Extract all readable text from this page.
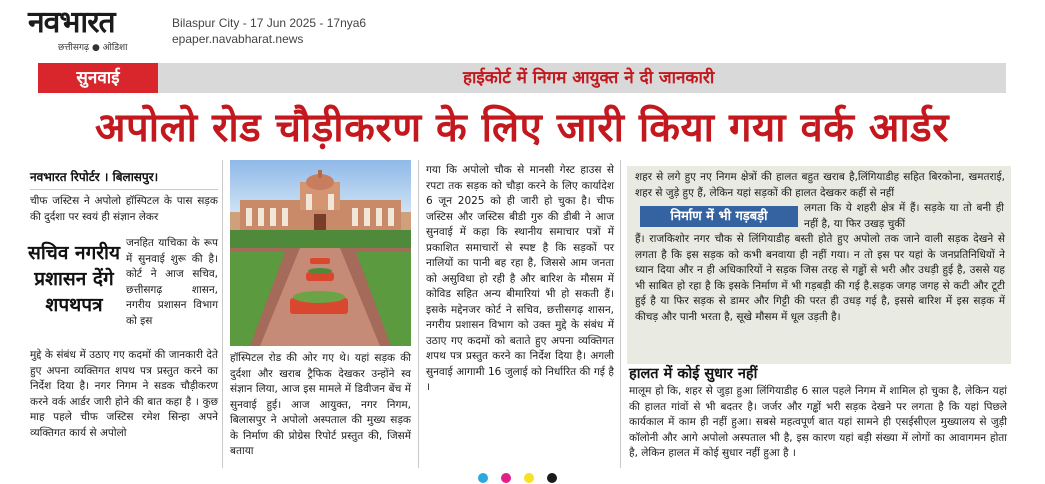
नवभारत
छत्तीसगढ़ ● ओडिशा
Bilaspur City - 17 Jun 2025 - 17nya6
epaper.navabharat.news
सुनवाई	हाईकोर्ट में निगम आयुक्त ने दी जानकारी
अपोलो रोड चौड़ीकरण के लिए जारी किया गया वर्क आर्डर
नवभारत रिपोर्टर । बिलासपुर।
चीफ जस्टिस ने अपोलो हॉस्पिटल के पास सड़क की दुर्दशा पर स्वयं ही संज्ञान लेकर
सचिव नगरीय प्रशासन देंगे शपथपत्र
जनहित याचिका के रूप में सुनवाई शुरू की है। कोर्ट ने आज सचिव, छत्तीसगढ़ शासन, नगरीय प्रशासन विभाग को इस
मुद्दे के संबंध में उठाए गए कदमों की जानकारी देते हुए अपना व्यक्तिगत शपथ पत्र प्रस्तुत करने का निर्देश दिया है। नगर निगम ने सडक चौड़ीकरण करने वर्क आर्डर जारी होने की बात कहा है । कुछ माह पहले चीफ जस्टिस रमेश सिन्हा अपने व्यक्तिगत कार्य से अपोलो
हॉस्पिटल रोड की ओर गए थे। यहां सड़क की दुर्दशा और खराब ट्रैफिक देखकर उन्होंने स्व संज्ञान लिया, आज इस मामले में डिवीजन बेंच में सुनवाई हुई। आज आयुक्त, नगर निगम, बिलासपुर ने अपोलो अस्पताल की मुख्य सड़क के निर्माण की प्रोग्रेस रिपोर्ट प्रस्तुत की, जिसमें बताया
गया कि अपोलो चौक से मानसी गेस्ट हाउस से रपटा तक सड़क को चौड़ा करने के लिए कार्यादेश 6 जून 2025 को ही जारी हो चुका है। चीफ जस्टिस और जस्टिस बीडी गुरु की डीबी ने आज सुनवाई में कहा कि स्थानीय समाचार पत्रों में प्रकाशित समाचारों से स्पष्ट है कि सड़कों पर नालियों का पानी बह रहा है, जिससे आम जनता को असुविधा हो रही है और बारिश के मौसम में कोविड सहित अन्य बीमारियां भी हो सकती हैं। इसके मद्देनजर कोर्ट ने सचिव, छत्तीसगढ़ शासन, नगरीय प्रशासन विभाग को उक्त मुद्दे के संबंध में उठाए गए कदमों को बताते हुए अपना व्यक्तिगत शपथ पत्र प्रस्तुत करने का निर्देश दिया है। अगली सुनवाई आगामी 16 जुलाई को निर्धारित की गई है ।
शहर से लगे हुए नए निगम क्षेत्रों की हालत बहुत खराब है,लिंगियाडीह सहित बिरकोना, खमतराई, शहर से जुड़े हुए हैं, लेकिन यहां सड़कों की हालत देखकर कहीं से नहीं
निर्माण में भी गड़बड़ी
लगता कि ये शहरी क्षेत्र में हैं। सड़के या तो बनी ही नहीं है, या फिर उखड़ चुकीं
हैं। राजकिशोर नगर चौक से लिंगियाडीह बस्ती होते हुए अपोलो तक जाने वाली सड़क देखने से लगता है कि इस सड़क को कभी बनवाया ही नहीं गया। न तो इस पर यहां के जनप्रतिनिधियों ने ध्यान दिया और न ही अधिकारियों ने सड़क जिस तरह से गड्ढों से भरी और उधड़ी हुई है, उससे यह भी साबित हो रहा है कि इसके निर्माण में भी गड़बड़ी की गई है.सड़क जगह जगह से कटी और टूटी हुई है या फिर सड़क से डामर और गिट्टी की परत ही उधड़ गई है, इससे बारिश में इस सड़क में कीचड़ और पानी भरता है, सूखे मौसम में धूल उड़ती है।
हालत में कोई सुधार नहीं
मालूम हो कि, शहर से जुड़ा हुआ लिंगियाडीह 6 साल पहले निगम में शामिल हो चुका है, लेकिन यहां की हालत गांवों से भी बदतर है। जर्जर और गड्ढों भरी सड़क देखने पर लगता है कि यहां पिछले कार्यकाल में काम ही नहीं हुआ। सबसे महत्वपूर्ण बात यहां सामने ही एसईसीएल मुख्यालय से जुड़ी कॉलोनी और आगे अपोलो अस्पताल भी है, इस कारण यहां बड़ी संख्या में लोगों का आवागमन होता है, लेकिन हालत में कोई सुधार नहीं हुआ है ।
